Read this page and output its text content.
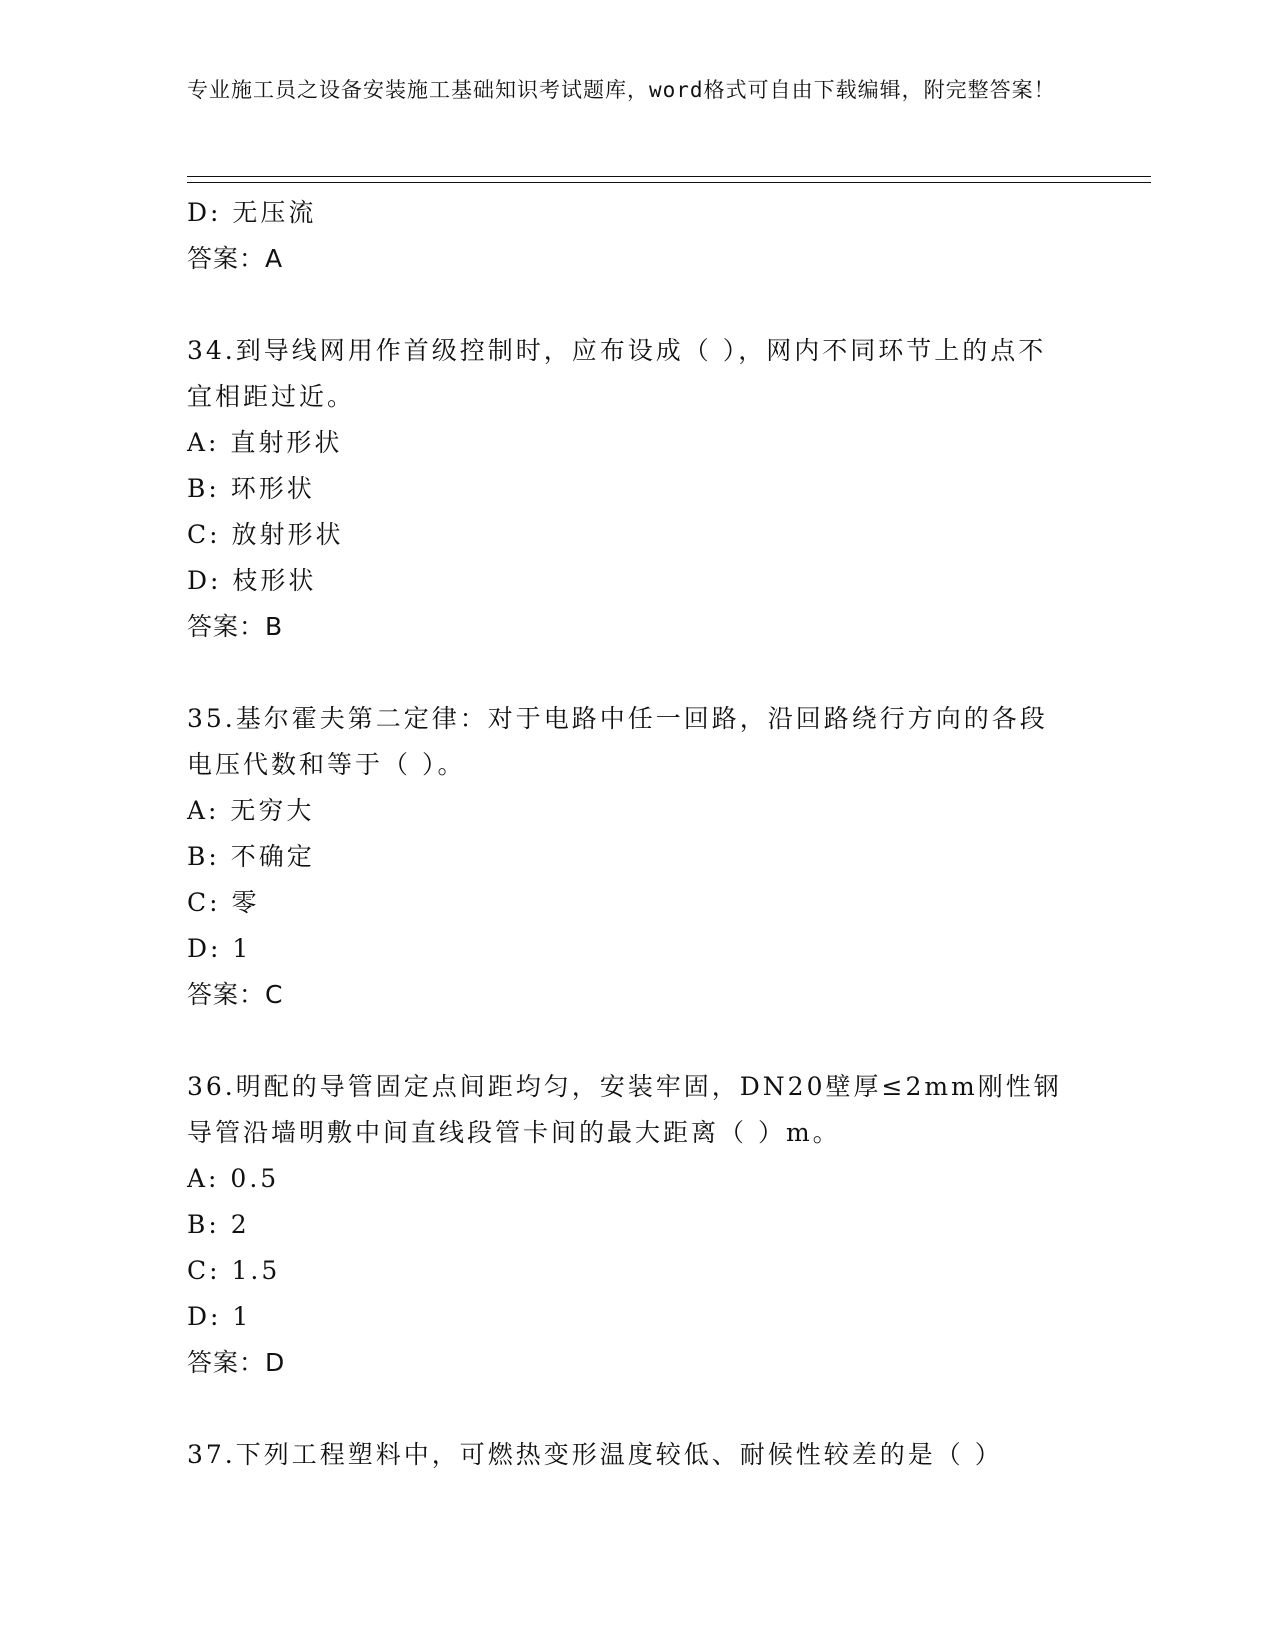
专业施工员之设备安装施工基础知识考试题库，word格式可自由下载编辑，附完整答案！
D: 无压流
答案：A
34.到导线网用作首级控制时，应布设成（ ），网内不同环节上的点不宜相距过近。
A: 直射形状
B: 环形状
C: 放射形状
D: 枝形状
答案：B
35.基尔霍夫第二定律：对于电路中任一回路，沿回路绕行方向的各段电压代数和等于（ ）。
A: 无穷大
B: 不确定
C: 零
D: 1
答案：C
36.明配的导管固定点间距均匀，安装牢固，DN20壁厚≤2mm刚性钢导管沿墙明敷中间直线段管卡间的最大距离（ ）m。
A: 0.5
B: 2
C: 1.5
D: 1
答案：D
37.下列工程塑料中，可燃热变形温度较低、耐候性较差的是（ ）
